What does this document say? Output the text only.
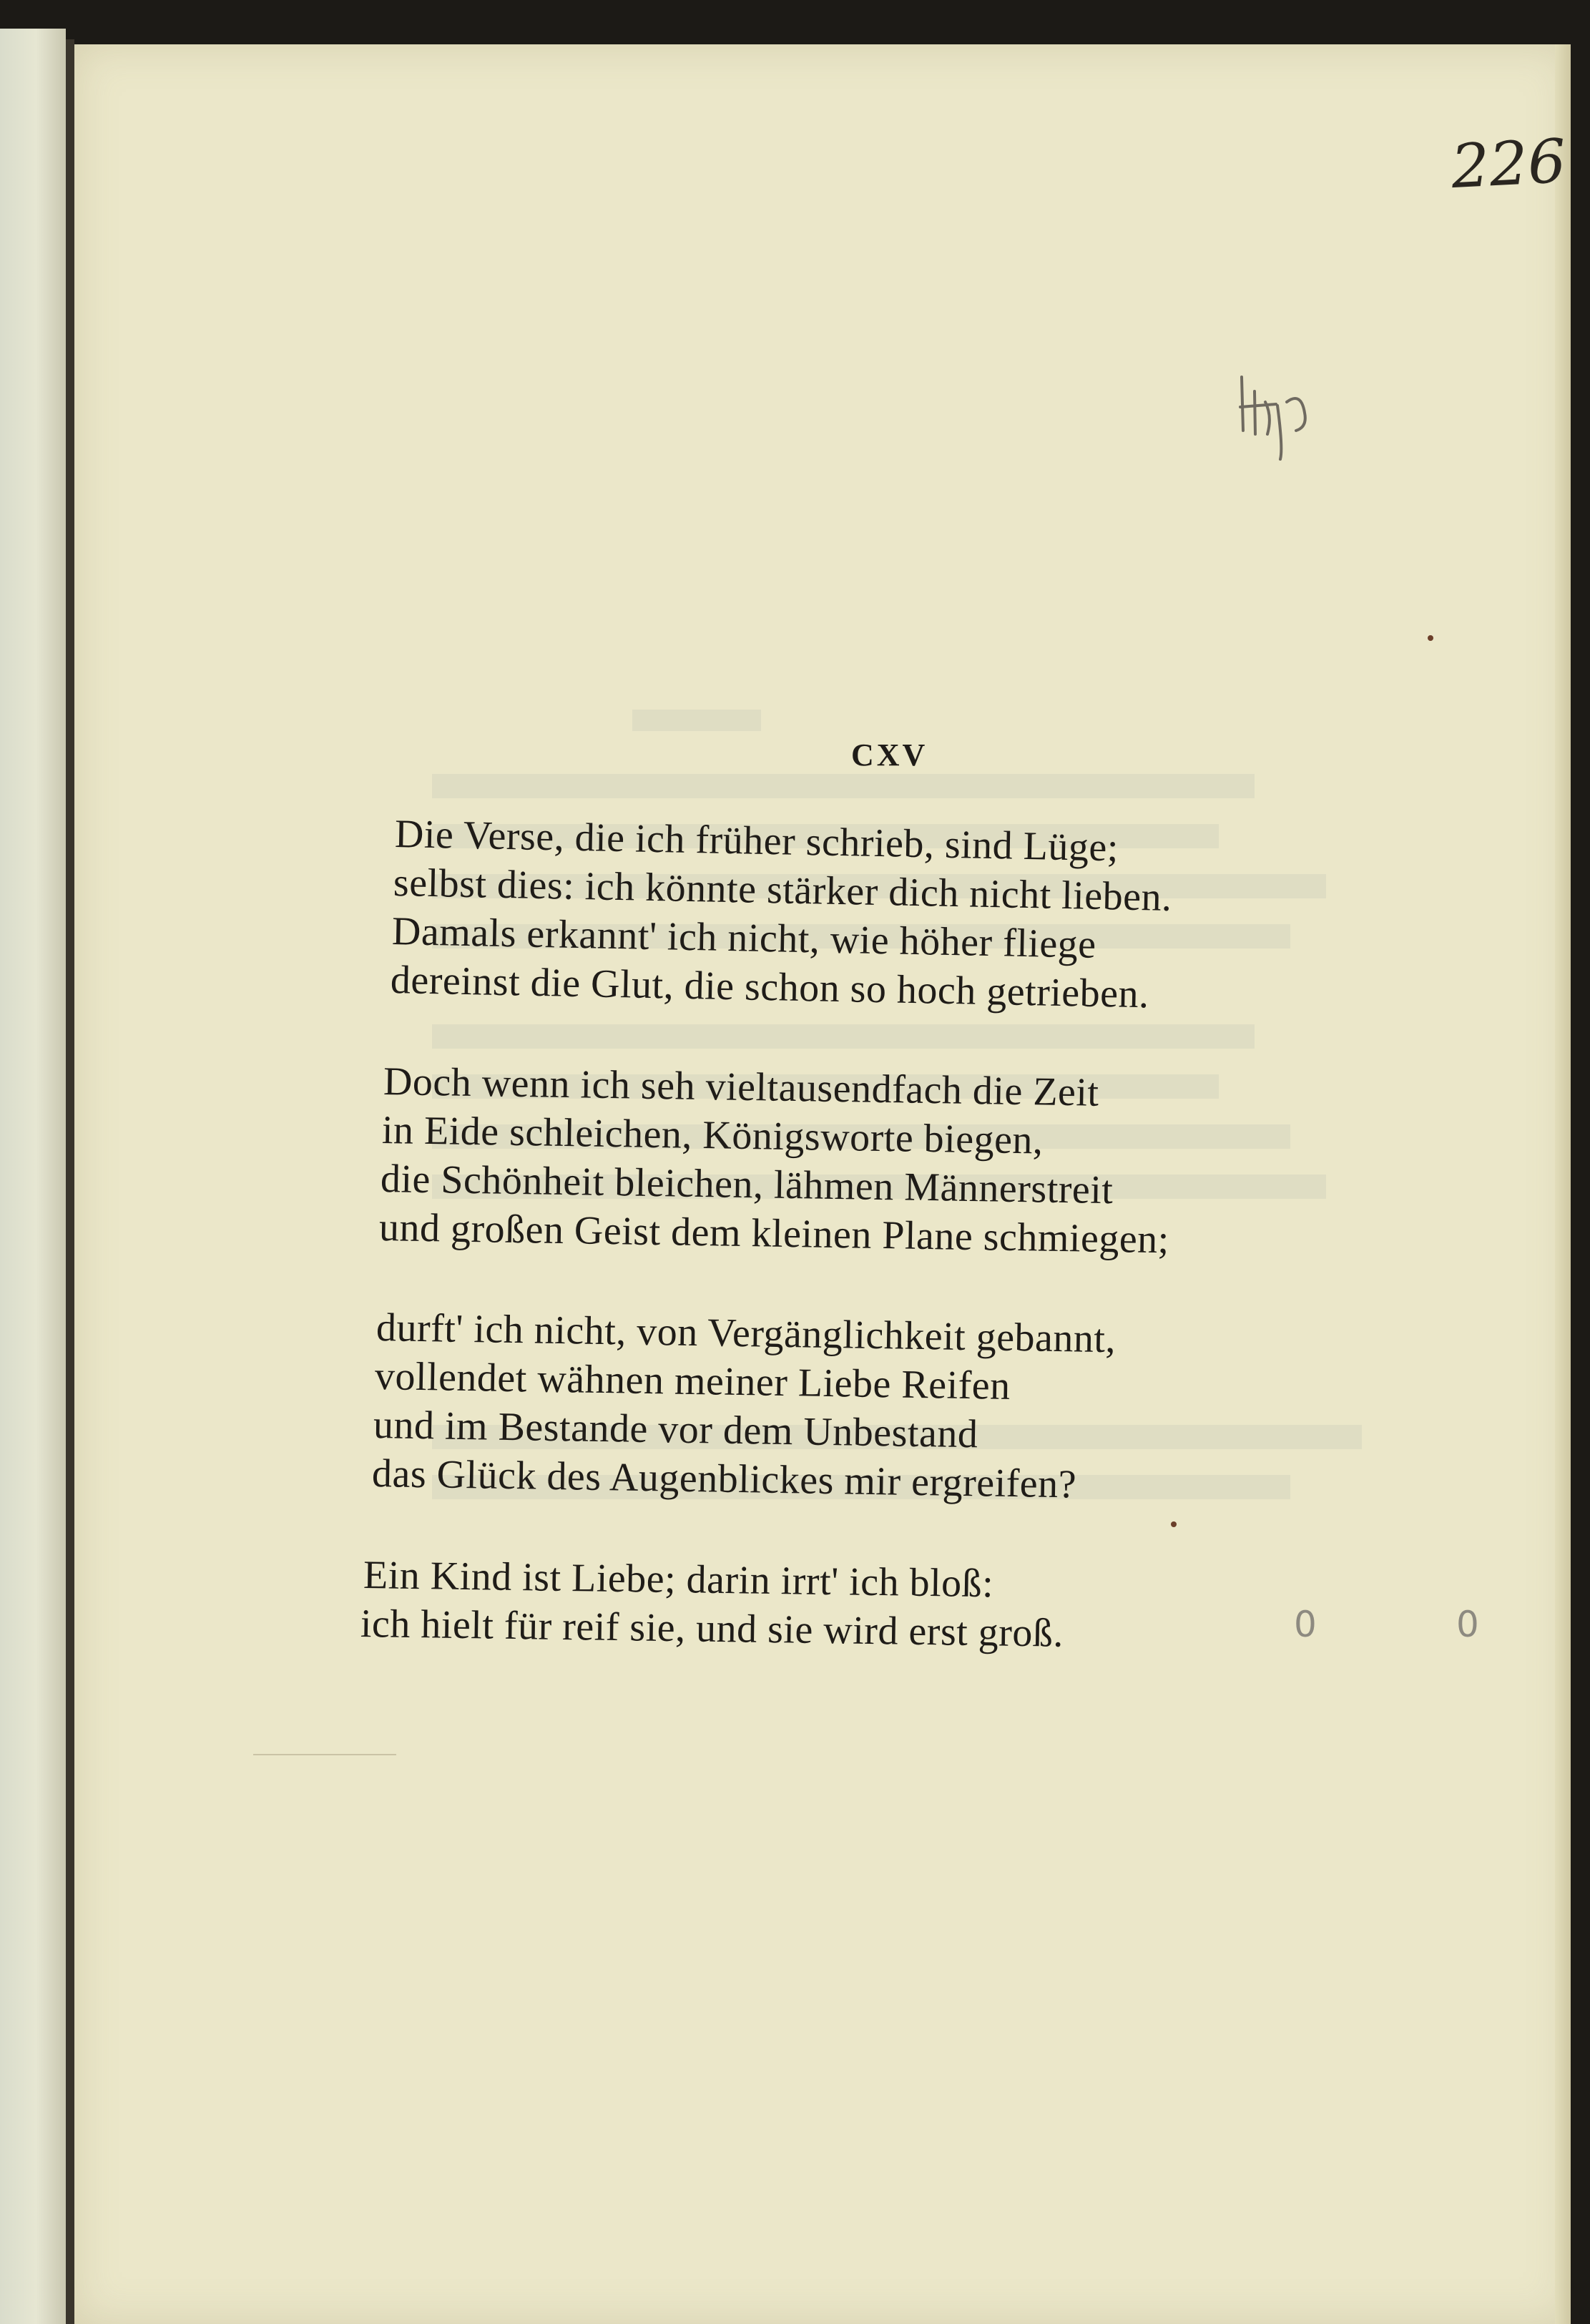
226
CXV
Die Verse, die ich früher schrieb, sind Lüge;
selbst dies: ich könnte stärker dich nicht lieben.
Damals erkannt' ich nicht, wie höher fliege
dereinst die Glut, die schon so hoch getrieben.
Doch wenn ich seh vieltausendfach die Zeit
in Eide schleichen, Königsworte biegen,
die Schönheit bleichen, lähmen Männerstreit
und großen Geist dem kleinen Plane schmiegen;
durft' ich nicht, von Vergänglichkeit gebannt,
vollendet wähnen meiner Liebe Reifen
und im Bestande vor dem Unbestand
das Glück des Augenblickes mir ergreifen?
Ein Kind ist Liebe; darin irrt' ich bloß:
ich hielt für reif sie, und sie wird erst groß.	0	0
